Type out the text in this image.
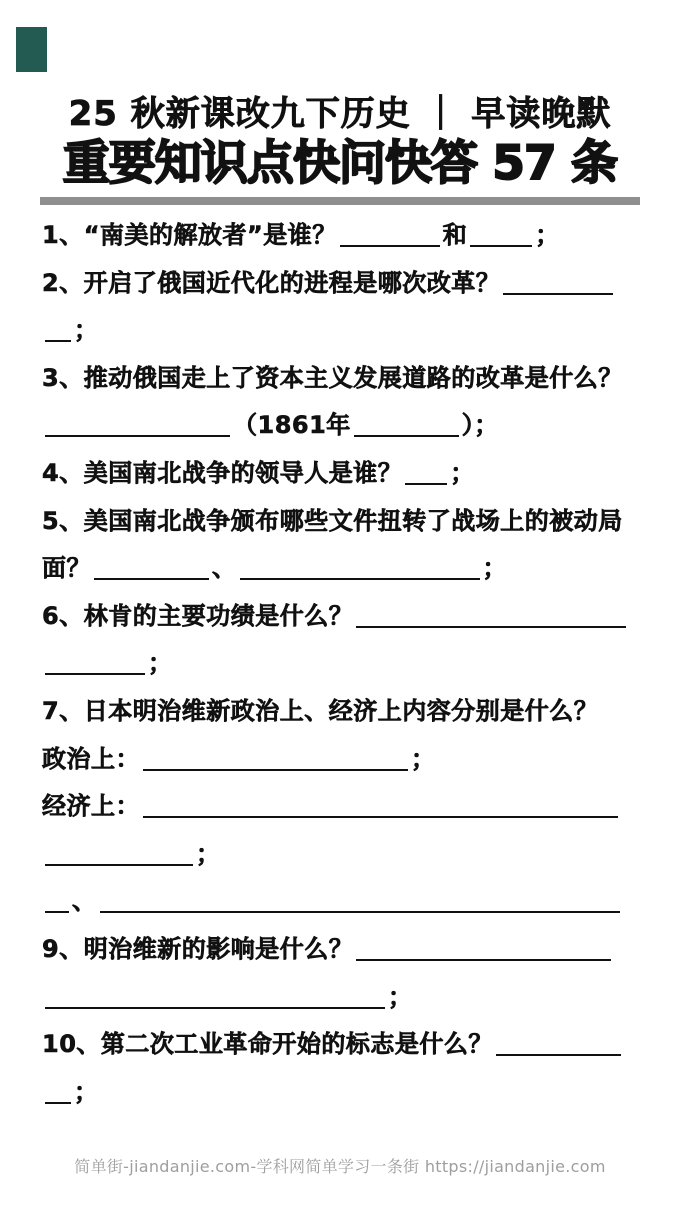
25 秋新课改九下历史 ｜ 早读晚默
重要知识点快问快答 57 条
1、“南美的解放者”是谁？	和	；
2、开启了俄国近代化的进程是哪次改革？
；
3、推动俄国走上了资本主义发展道路的改革是什么？
（1861年	）；
4、美国南北战争的领导人是谁？ ；
5、美国南北战争颁布哪些文件扭转了战场上的被动局
面？	、	；
6、林肯的主要功绩是什么？
；
7、日本明治维新政治上、经济上内容分别是什么？
政治上：	；
经济上：
；
、
9、明治维新的影响是什么？
；
10、第二次工业革命开始的标志是什么？
；
简单街-jiandanjie.com-学科网简单学习一条街 https://jiandanjie.com
